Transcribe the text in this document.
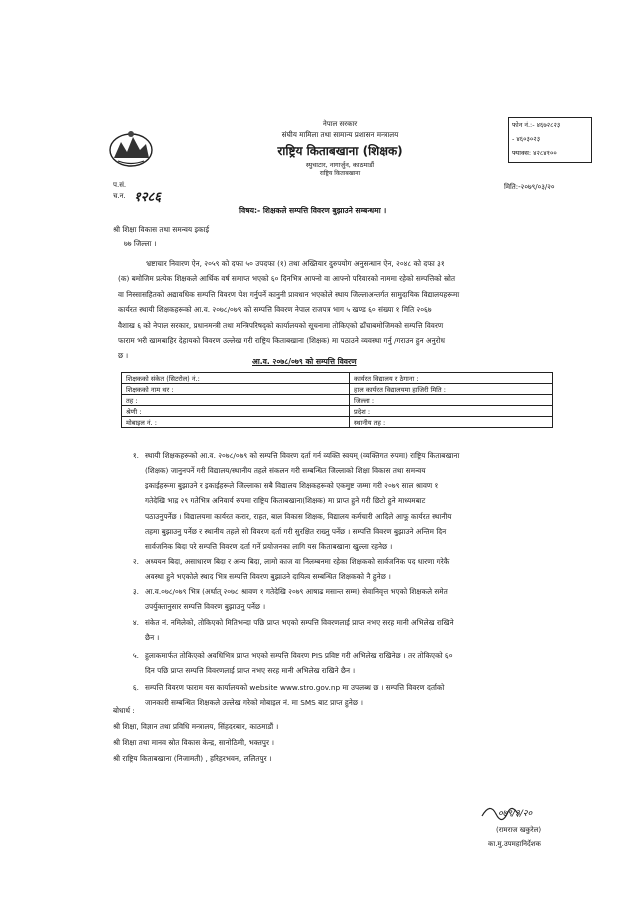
नेपाल सरकार
संघीय मामिला तथा सामान्य प्रशासन मन्त्रालय
राष्ट्रिय किताबखाना (शिक्षक)
स्युचाटार, नागार्जुन, काठमाडौं
राष्ट्रिय किताबखाना
फोन नं.:- ४६७२८२३
- ४६०३०२३
फ्याक्स: ४२८४१००
प.सं.
च.न. १२८६
मिति:-२०७९/०३/२०
विषय:- शिक्षकले सम्पत्ति विवरण बुझाउने सम्बन्धमा ।
श्री शिक्षा विकास तथा समन्वय इकाई
७७ जिल्ला ।
भ्रष्टाचार निवारण ऐन, २०५९ को दफा ५० उपदफा (१) तथा अख्तियार दुरुपयोग अनुसन्धान ऐन, २०४८ को दफा ३१
(क) बमोजिम प्रत्येक शिक्षकले आर्थिक वर्ष समाप्त भएको ६० दिनभित्र आफ्नो वा आफ्नो परिवारको नाममा रहेको सम्पत्तिको स्रोत
वा निस्सासहितको अद्यावधिक सम्पत्ति विवरण पेश गर्नुपर्ने कानुनी प्रावधान भएकोले स्थाय जिल्लाअन्तर्गत सामुदायिक विद्यालयहरूमा
कार्यरत स्थायी शिक्षकहरूको आ.व. २०७८/०७९ को सम्पत्ति विवरण नेपाल राजपत्र भाग ५ खण्ड ६० संख्या १ मिति २०६७
वैशाख ६ को नेपाल सरकार, प्रधानमन्त्री तथा मन्त्रिपरिषद्को कार्यालयको सूचनामा तोकिएको ढाँचाबमोजिमको सम्पत्ति विवरण
फाराम भरी खामबाहिर देहायको विवरण उल्लेख गरी राष्ट्रिय किताबखाना (शिक्षक) मा पठाउने व्यवस्था गर्नु /गराउन हुन अनुरोध
छ ।
आ.व. २०७८/०७९ को सम्पत्ति विवरण
शिक्षकको संकेत (सिटरोल) नं.:	कार्यरत विद्यालय र ठेगाना :
शिक्षकको नाम थर :	हाल कार्यरत विद्यालयमा हाजिरी मिति :
तह :	जिल्ला :
श्रेणी :	प्रदेश :
मोबाइल नं. :	स्थानीय तह :
१. स्थायी शिक्षकहरूको आ.व. २०७८/०७९ को सम्पत्ति विवरण दर्ता गर्न व्यक्ति स्वयम् (व्यक्तिगत रुपमा) राष्ट्रिय किताबखाना
(शिक्षक) जानुनपर्ने गरी विद्यालय/स्थानीय तहले संकलन गरी सम्बन्धित जिल्लाको शिक्षा विकास तथा समन्वय
इकाईहरूमा बुझाउने र इकाईहरूले जिल्लाका सबै विद्यालय शिक्षकहरूको एकमुष्ट जम्मा गरी २०७९ साल श्रावण १
गतेदेखि भाद्र २९ गतेभित्र अनिवार्य रुपमा राष्ट्रिय किताबखाना(शिक्षक) मा प्राप्त हुने गरी छिटो हुने माध्यमबाट
पठाउनुपर्नेछ । विद्यालयमा कार्यरत करार, राहत, बाल विकास शिक्षक, विद्यालय कर्मचारी आदिले आफू कार्यरत स्थानीय
तहमा बुझाउनु पर्नेछ र स्थानीय तहले सो विवरण दर्ता गरी सुरक्षित राख्नु पर्नेछ । सम्पत्ति विवरण बुझाउने अन्तिम दिन
सार्वजनिक बिदा परे सम्पत्ति विवरण दर्ता गर्ने प्रयोजनका लागि यस किताबखाना खुल्ला रहनेछ ।
२. अध्ययन बिदा, असाधारण बिदा र अन्य बिदा, लामो काज वा निलम्बनमा रहेका शिक्षकको सार्वजनिक पद धारणा गरेकै
अवस्था हुने भएकोले स्थाद भित्र सम्पत्ति विवरण बुझाउने दायित्व सम्बन्धित शिक्षकको नै हुनेछ ।
३. आ.व.०७८/०७९ भित्र (अर्थात् २०७८ श्रावण १ गतेदेखि २०७९ आषाढ मसान्त सम्म) सेवानिवृत्त भएको शिक्षकले समेत
उपर्युक्तानुसार सम्पत्ति विवरण बुझाउनु पर्नेछ ।
४. संकेत नं. नमिलेको, तोकिएको मितिभन्दा पछि प्राप्त भएको सम्पत्ति विवरणलाई प्राप्त नभए सरह मानी अभिलेख राखिने
छैन ।
५. हुलाकमार्फत तोकिएको अवधिभित्र प्राप्त भएको सम्पत्ति विवरण PIS प्रविष्ट गरी अभिलेख राखिनेछ । तर तोकिएको ६०
दिन पछि प्राप्त सम्पत्ति विवरणलाई प्राप्त नभए सरह मानी अभिलेख राखिने छैन ।
६. सम्पत्ति विवरण फाराम यस कार्यालयको website www.stro.gov.np मा उपलब्ध छ । सम्पत्ति विवरण दर्ताको
जानकारी सम्बन्धित शिक्षकले उल्लेख गरेको मोबाइल नं. मा SMS बाट प्राप्त हुनेछ ।
०७९/३/२०
(रामराज खकुरेल)
का.मु.उपमहानिर्देशक
बोधार्थ :
श्री शिक्षा, विज्ञान तथा प्रविधि मन्त्रालय, सिंहदरबार, काठमाडौं ।
श्री शिक्षा तथा मानव स्रोत विकास केन्द्र, सानोठिमी, भक्तपुर ।
श्री राष्ट्रिय किताबखाना (निजामती) , हरिहरभवन, ललितपुर ।
